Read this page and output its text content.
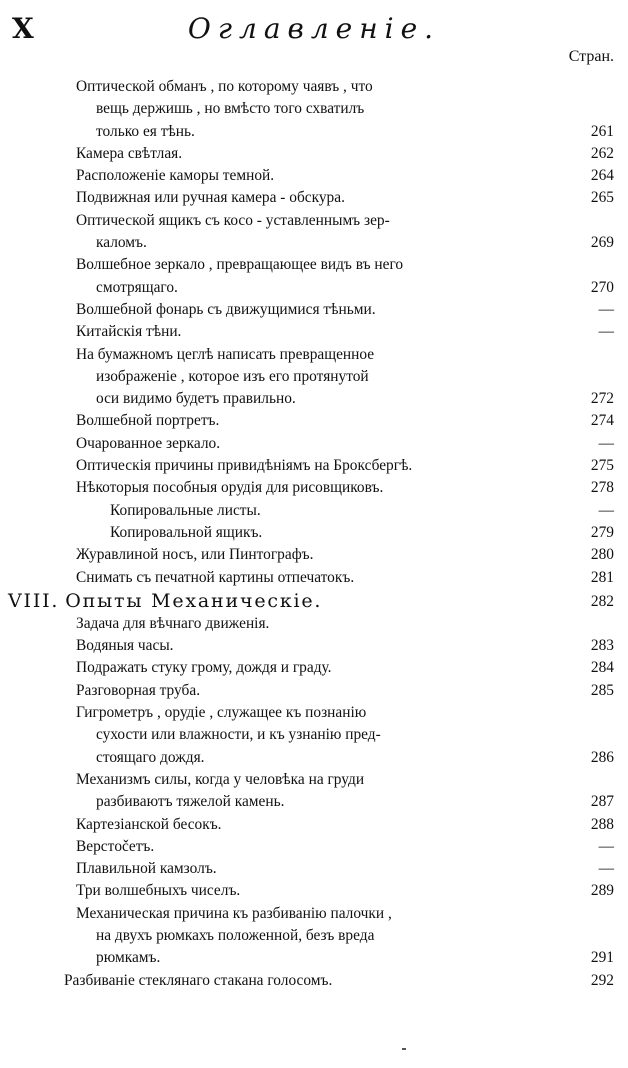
X	Оглавленіе.
Стран.
Оптической обманъ , по которому чаявъ , что
вещь держишь , но вмѣсто того схватилъ
только ея тѣнь.	261
Камера свѣтлая.	262
Расположеніе каморы темной.	264
Подвижная или ручная камера - обскура.	265
Оптической ящикъ съ косо - уставленнымъ зер-
каломъ.	269
Волшебное зеркало , превращающее видъ въ него
смотрящаго.	270
Волшебной фонарь съ движущимися тѣньми.	—
Китайскія тѣни.	—
На бумажномъ цеглѣ написать превращенное
изображеніе , которое изъ его протянутой
оси видимо будетъ правильно.	272
Волшебной портретъ.	274
Очарованное зеркало.	—
Оптическія причины привидѣніямъ на Броксбергѣ.	275
Нѣкоторыя пособныя орудія для рисовщиковъ.	278
Копировальные листы.	—
Копировальной ящикъ.	279
Журавлиной носъ, или Пинтографъ.	280
Снимать съ печатной картины отпечатокъ.	281
VIII. Опыты Механическіе.	282
Задача для вѣчнаго движенія.
Водяныя часы.	283
Подражать стуку грому, дождя и граду.	284
Разговорная труба.	285
Гигрометръ , орудіе , служащее къ познанію
сухости или влажности, и къ узнанію пред-
стоящаго дождя.	286
Механизмъ силы, когда у человѣка на груди
разбиваютъ тяжелой камень.	287
Картезіанской бесокъ.	288
Верстočетъ.	—
Плавильной камзолъ.	—
Три волшебныхъ чиселъ.	289
Механическая причина къ разбиванію палочки ,
на двухъ рюмкахъ положенной, безъ вреда
рюмкамъ.	291
Разбиваніе стеклянаго стакана голосомъ.	292
